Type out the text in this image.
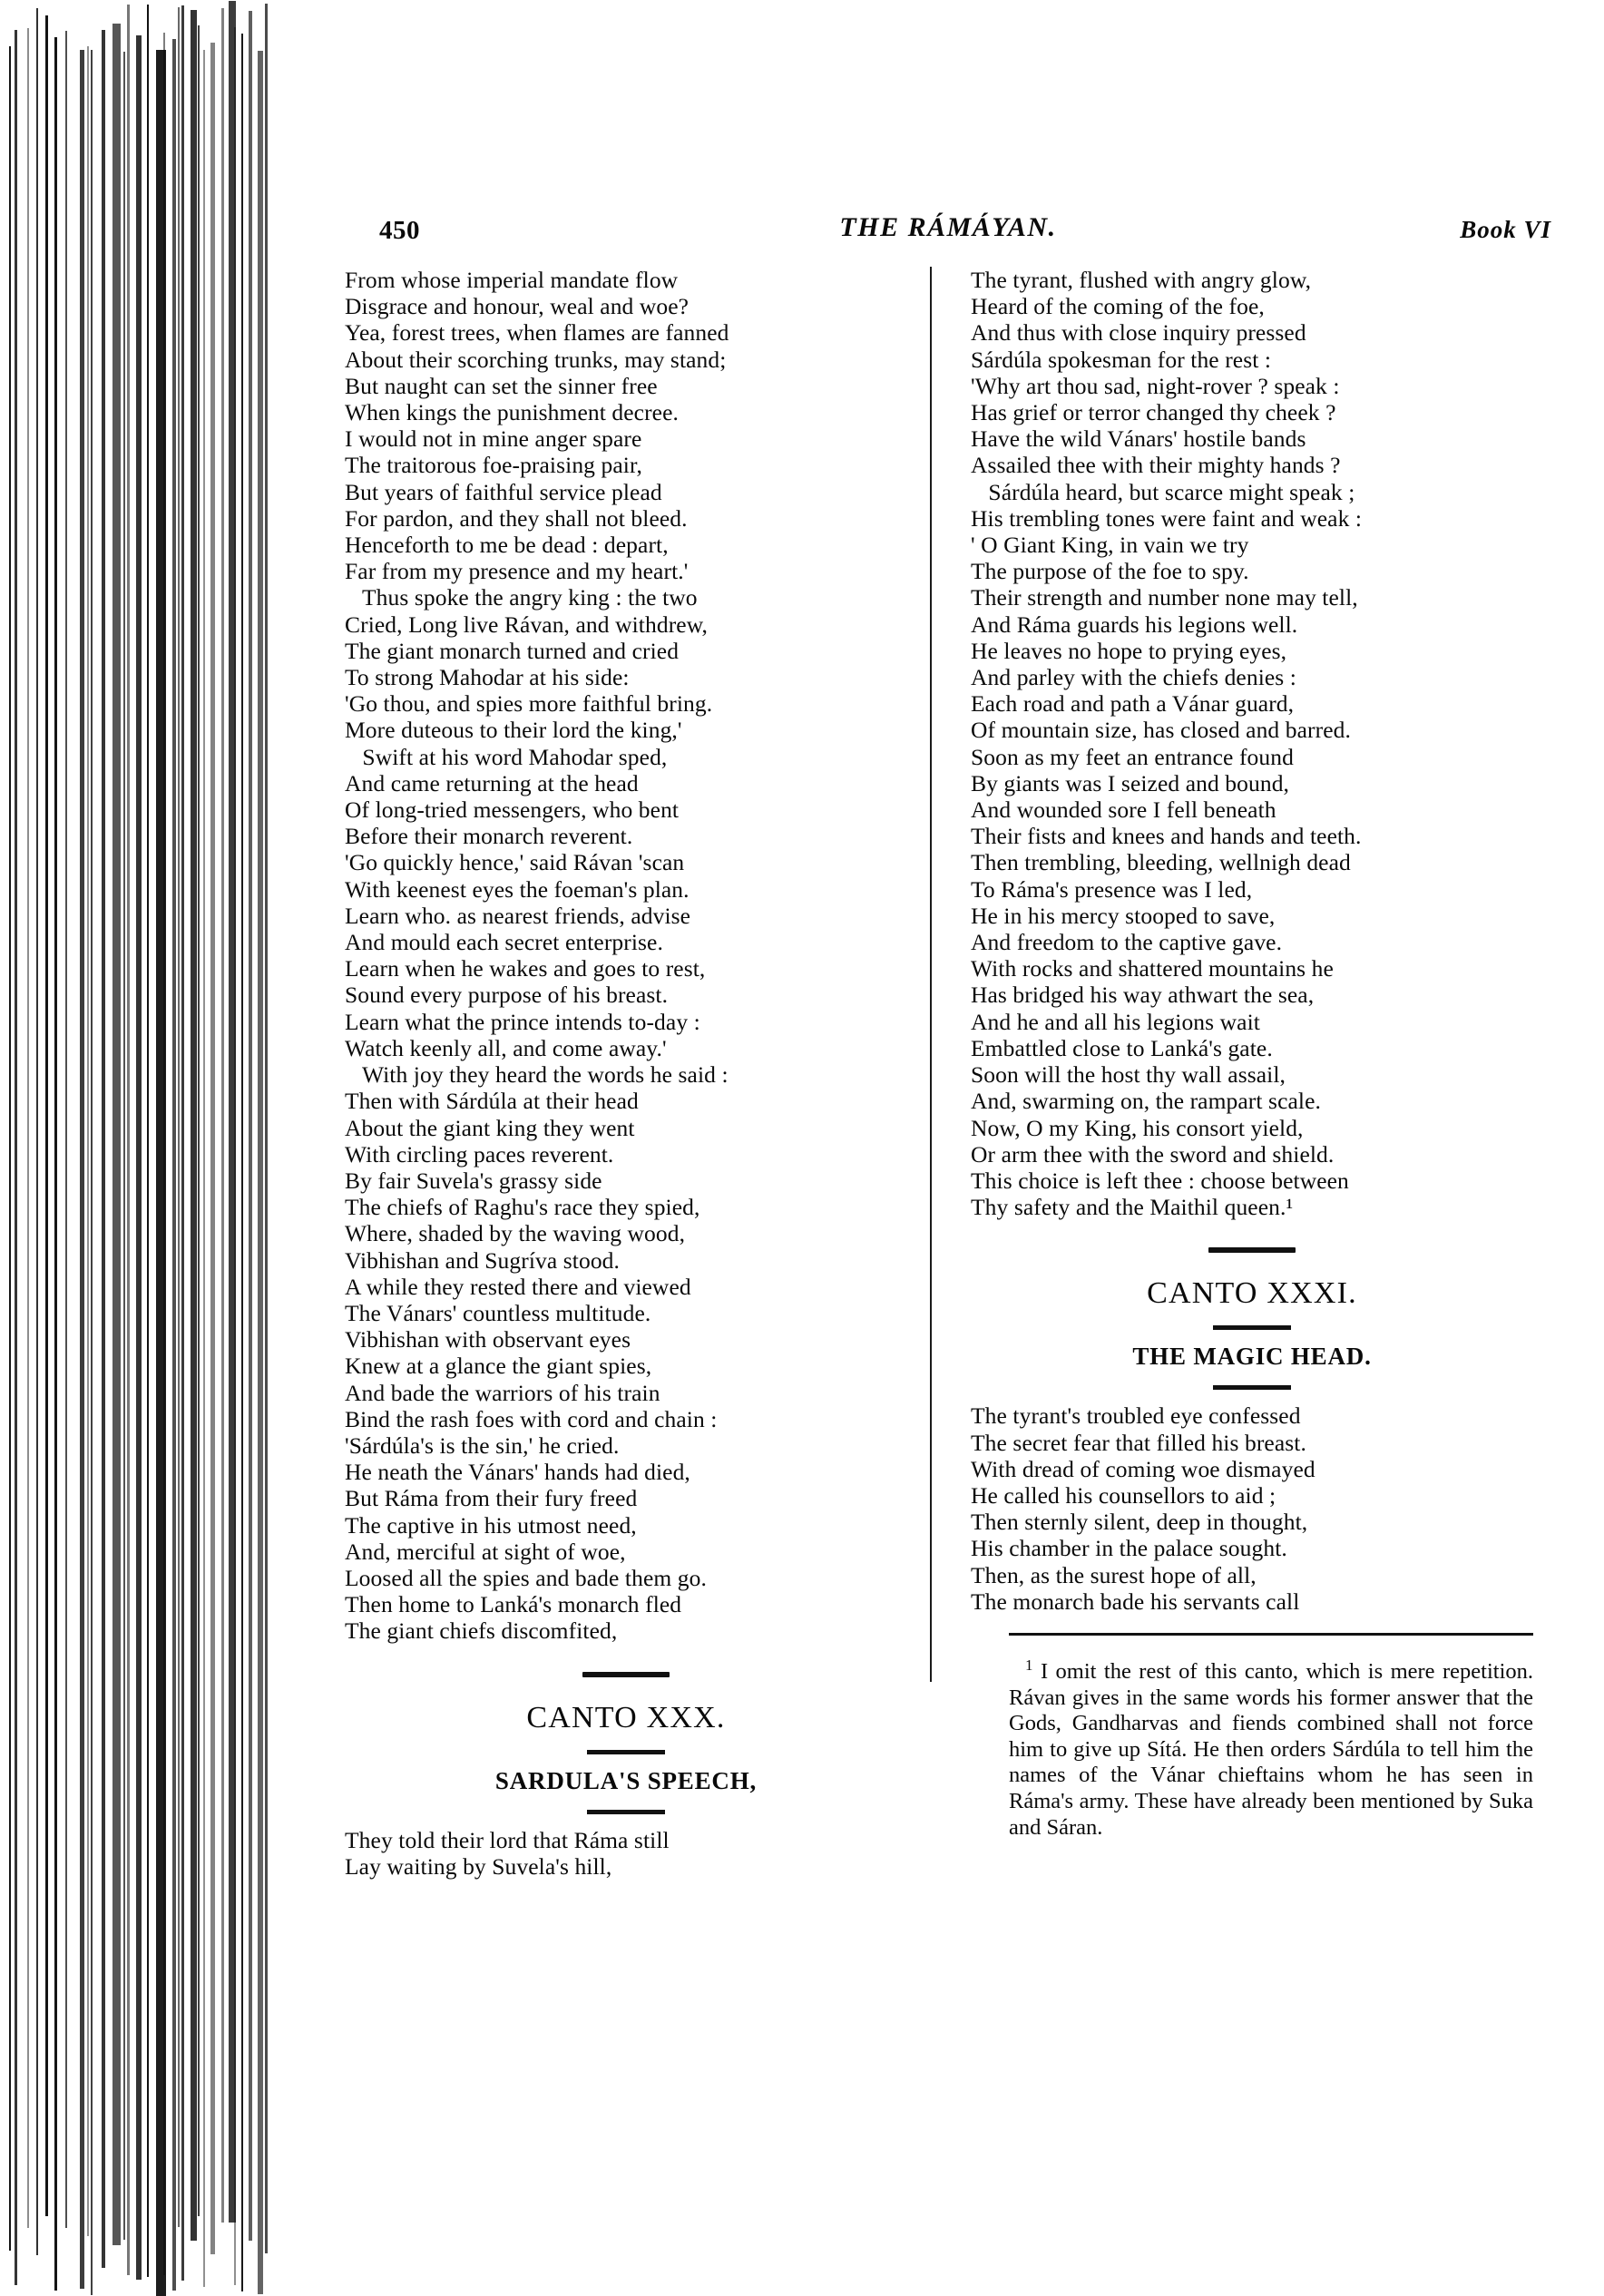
450	THE RÁMÁYAN.	Book VI
From whose imperial mandate flow
Disgrace and honour, weal and woe?
Yea, forest trees, when flames are fanned
About their scorching trunks, may stand;
But naught can set the sinner free
When kings the punishment decree.
I would not in mine anger spare
The traitorous foe-praising pair,
But years of faithful service plead
For pardon, and they shall not bleed.
Henceforth to me be dead : depart,
Far from my presence and my heart.'
Thus spoke the angry king : the two
Cried, Long live Rávan, and withdrew,
The giant monarch turned and cried
To strong Mahodar at his side:
'Go thou, and spies more faithful bring.
More duteous to their lord the king,'
Swift at his word Mahodar sped,
And came returning at the head
Of long-tried messengers, who bent
Before their monarch reverent.
'Go quickly hence,' said Rávan 'scan
With keenest eyes the foeman's plan.
Learn who. as nearest friends, advise
And mould each secret enterprise.
Learn when he wakes and goes to rest,
Sound every purpose of his breast.
Learn what the prince intends to-day :
Watch keenly all, and come away.'
With joy they heard the words he said :
Then with Sárdúla at their head
About the giant king they went
With circling paces reverent.
By fair Suvela's grassy side
The chiefs of Raghu's race they spied,
Where, shaded by the waving wood,
Vibhishan and Sugríva stood.
A while they rested there and viewed
The Vánars' countless multitude.
Vibhishan with observant eyes
Knew at a glance the giant spies,
And bade the warriors of his train
Bind the rash foes with cord and chain :
'Sárdúla's is the sin,' he cried.
He neath the Vánars' hands had died,
But Ráma from their fury freed
The captive in his utmost need,
And, merciful at sight of woe,
Loosed all the spies and bade them go.
Then home to Lanká's monarch fled
The giant chiefs discomfited,
CANTO XXX.
SARDULA'S SPEECH,
They told their lord that Ráma still
Lay waiting by Suvela's hill,
The tyrant, flushed with angry glow,
Heard of the coming of the foe,
And thus with close inquiry pressed
Sárdúla spokesman for the rest :
'Why art thou sad, night-rover ? speak :
Has grief or terror changed thy cheek ?
Have the wild Vánars' hostile bands
Assailed thee with their mighty hands ?
Sárdúla heard, but scarce might speak ;
His trembling tones were faint and weak :
' O Giant King, in vain we try
The purpose of the foe to spy.
Their strength and number none may tell,
And Ráma guards his legions well.
He leaves no hope to prying eyes,
And parley with the chiefs denies :
Each road and path a Vánar guard,
Of mountain size, has closed and barred.
Soon as my feet an entrance found
By giants was I seized and bound,
And wounded sore I fell beneath
Their fists and knees and hands and teeth.
Then trembling, bleeding, wellnigh dead
To Ráma's presence was I led,
He in his mercy stooped to save,
And freedom to the captive gave.
With rocks and shattered mountains he
Has bridged his way athwart the sea,
And he and all his legions wait
Embattled close to Lanká's gate.
Soon will the host thy wall assail,
And, swarming on, the rampart scale.
Now, O my King, his consort yield,
Or arm thee with the sword and shield.
This choice is left thee : choose between
Thy safety and the Maithil queen.¹
CANTO XXXI.
THE MAGIC HEAD.
The tyrant's troubled eye confessed
The secret fear that filled his breast.
With dread of coming woe dismayed
He called his counsellors to aid ;
Then sternly silent, deep in thought,
His chamber in the palace sought.
Then, as the surest hope of all,
The monarch bade his servants call
$^1$ I omit the rest of this canto, which is mere repetition. Rávan gives in the same words his former answer that the Gods, Gandharvas and fiends combined shall not force him to give up Sítá. He then orders Sárdúla to tell him the names of the Vánar chieftains whom he has seen in Ráma's army. These have already been mentioned by Suka and Sáran.
